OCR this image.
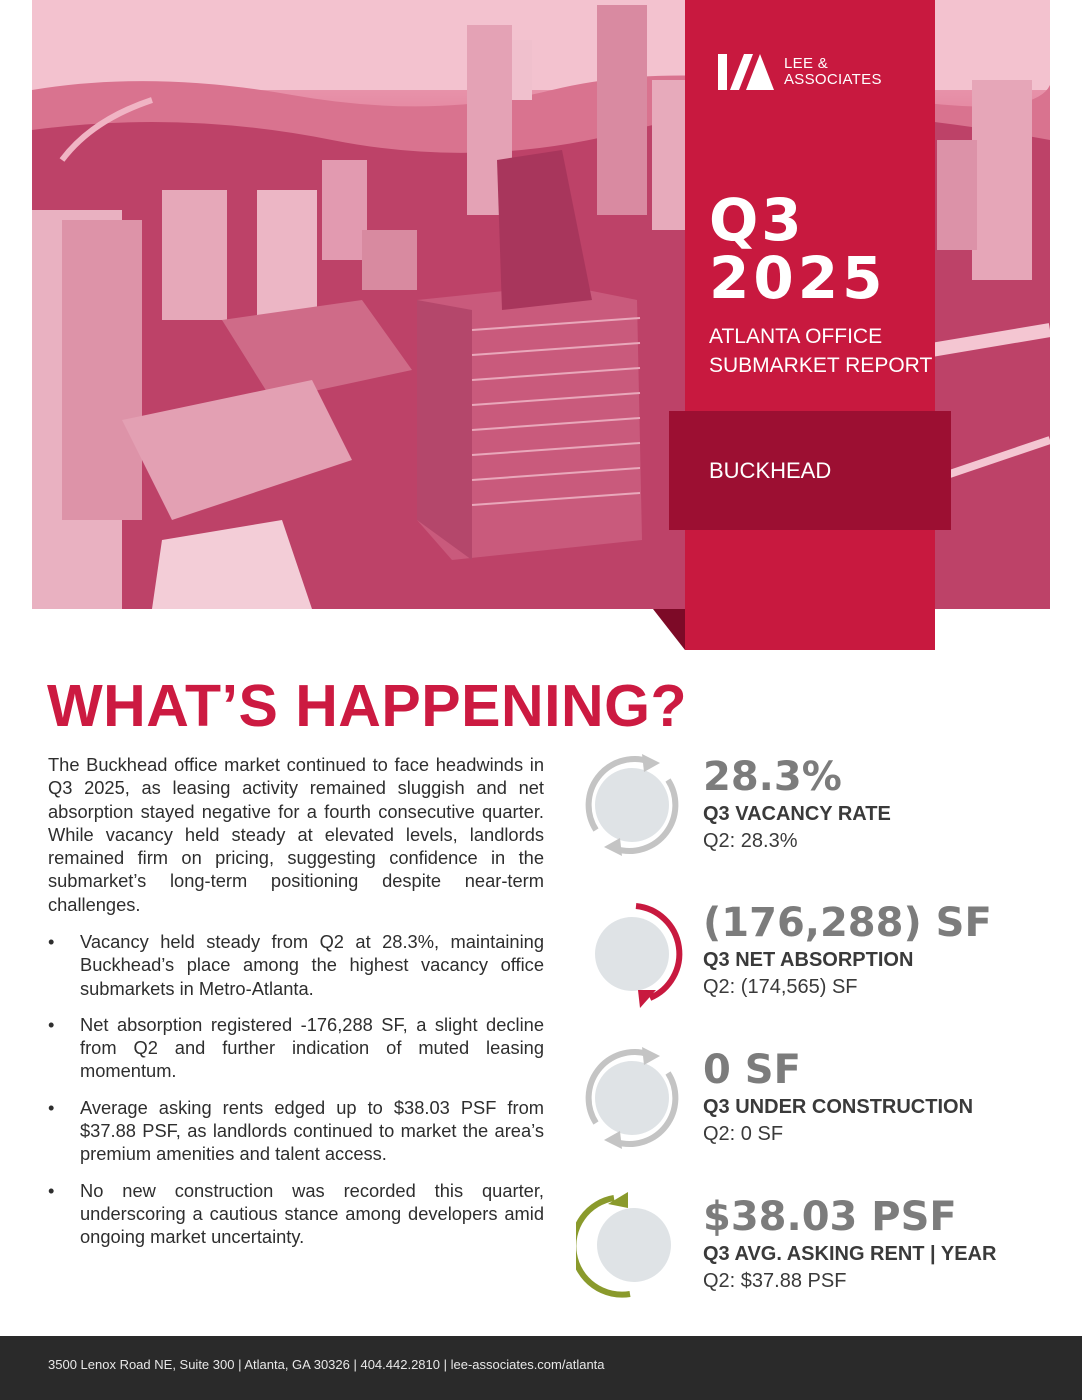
LEE &
ASSOCIATES
Q3
2025
ATLANTA OFFICE
SUBMARKET REPORT
BUCKHEAD
WHAT’S HAPPENING?

The Buckhead office market continued to face headwinds in Q3 2025, as leasing activity remained sluggish and net absorption stayed negative for a fourth consecutive quarter. While vacancy held steady at elevated levels, landlords remained firm on pricing, suggesting confidence in the submarket’s long-term positioning despite near-term challenges.

• Vacancy held steady from Q2 at 28.3%, maintaining Buckhead’s place among the highest vacancy office submarkets in Metro-Atlanta.
• Net absorption registered -176,288 SF, a slight decline from Q2 and further indication of muted leasing momentum.
• Average asking rents edged up to $38.03 PSF from $37.88 PSF, as landlords continued to market the area’s premium amenities and talent access.
• No new construction was recorded this quarter, underscoring a cautious stance among developers amid ongoing market uncertainty.
28.3%
Q3 VACANCY RATE
Q2: 28.3%
(176,288) SF
Q3 NET ABSORPTION
Q2: (174,565) SF
0 SF
Q3 UNDER CONSTRUCTION
Q2: 0 SF
$38.03 PSF
Q3 AVG. ASKING RENT | YEAR
Q2: $37.88 PSF
3500 Lenox Road NE, Suite 300 | Atlanta, GA 30326 | 404.442.2810 | lee-associates.com/atlanta
